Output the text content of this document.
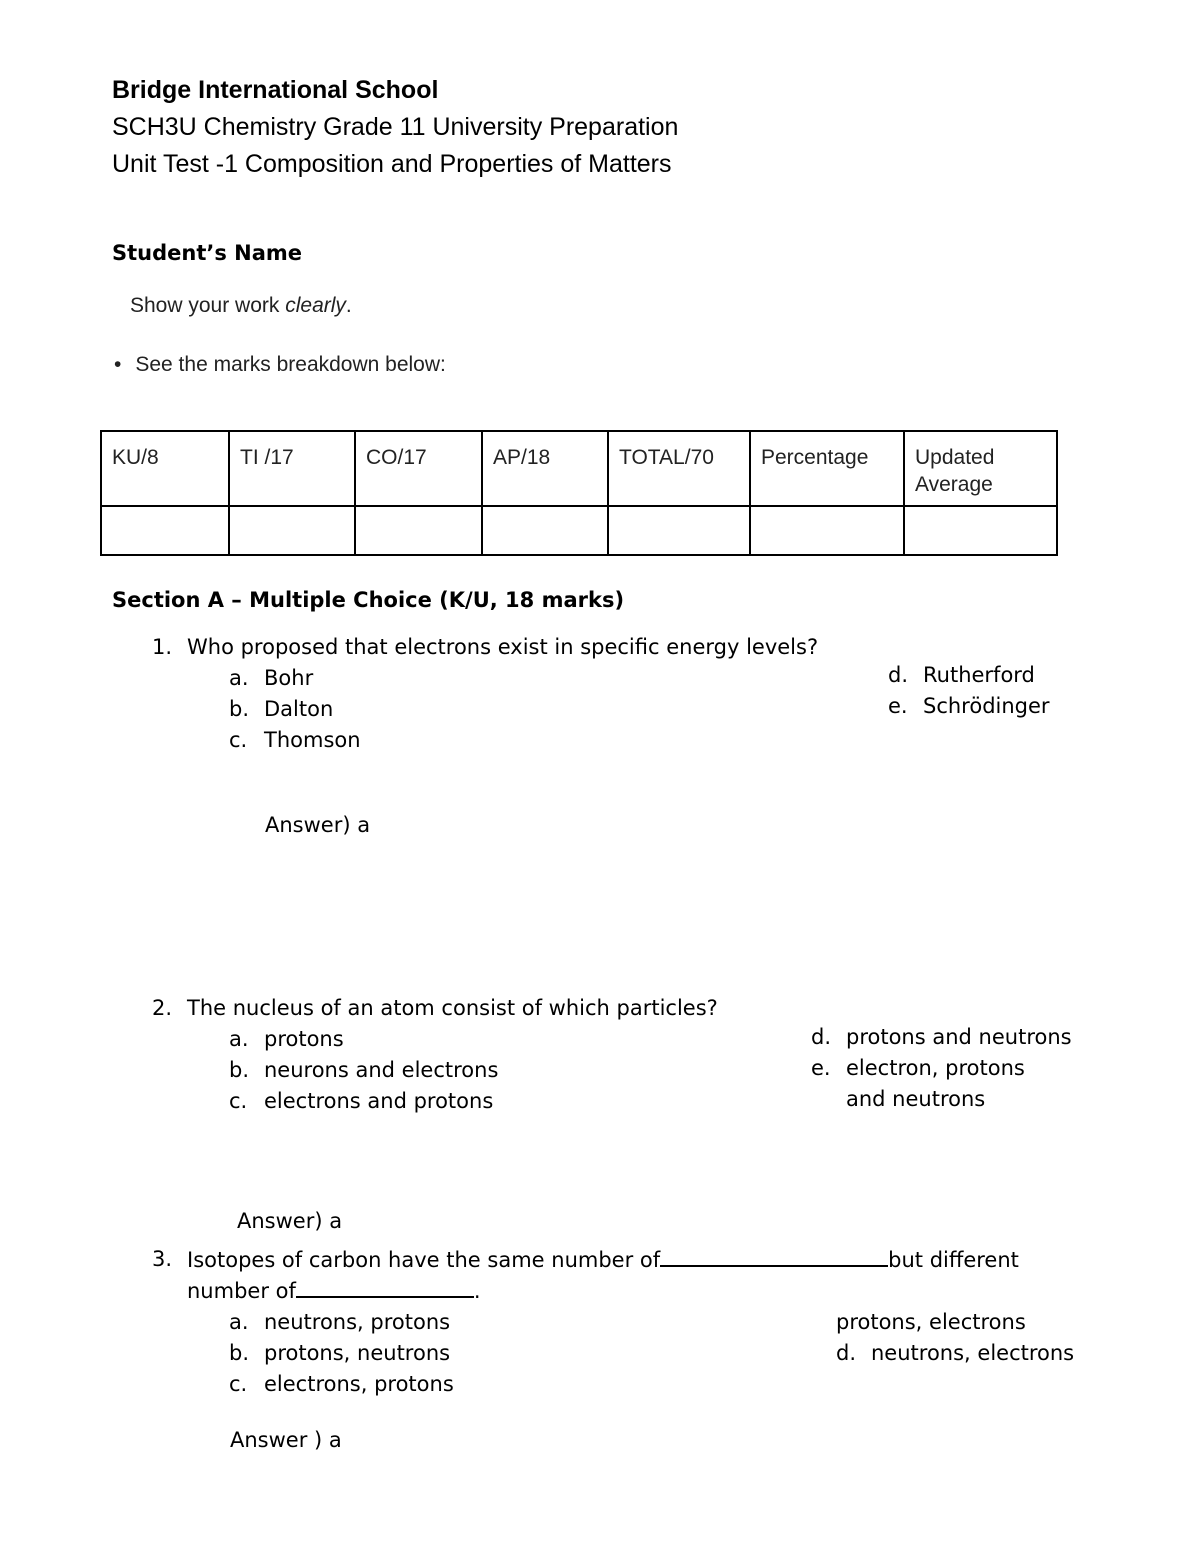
Bridge International School
SCH3U Chemistry Grade 11 University Preparation
Unit Test -1 Composition and Properties of Matters
Student’s Name
Show your work clearly.
• See the marks breakdown below:
KU/8	TI /17	CO/17	AP/18	TOTAL/70	Percentage	Updated Average

Section A – Multiple Choice (K/U, 18 marks)
1. Who proposed that electrons exist in specific energy levels?
a. Bohr
b. Dalton
c. Thomson
d. Rutherford
e. Schrödinger
Answer) a
2. The nucleus of an atom consist of which particles?
a. protons
b. neurons and electrons
c. electrons and protons
d. protons and neutrons
e. electron, protons
and neutrons
Answer) a
3. Isotopes of carbon have the same number of	but different
number of	.
a. neutrons, protons
b. protons, neutrons
c. electrons, protons
protons, electrons
d. neutrons, electrons
Answer ) a
